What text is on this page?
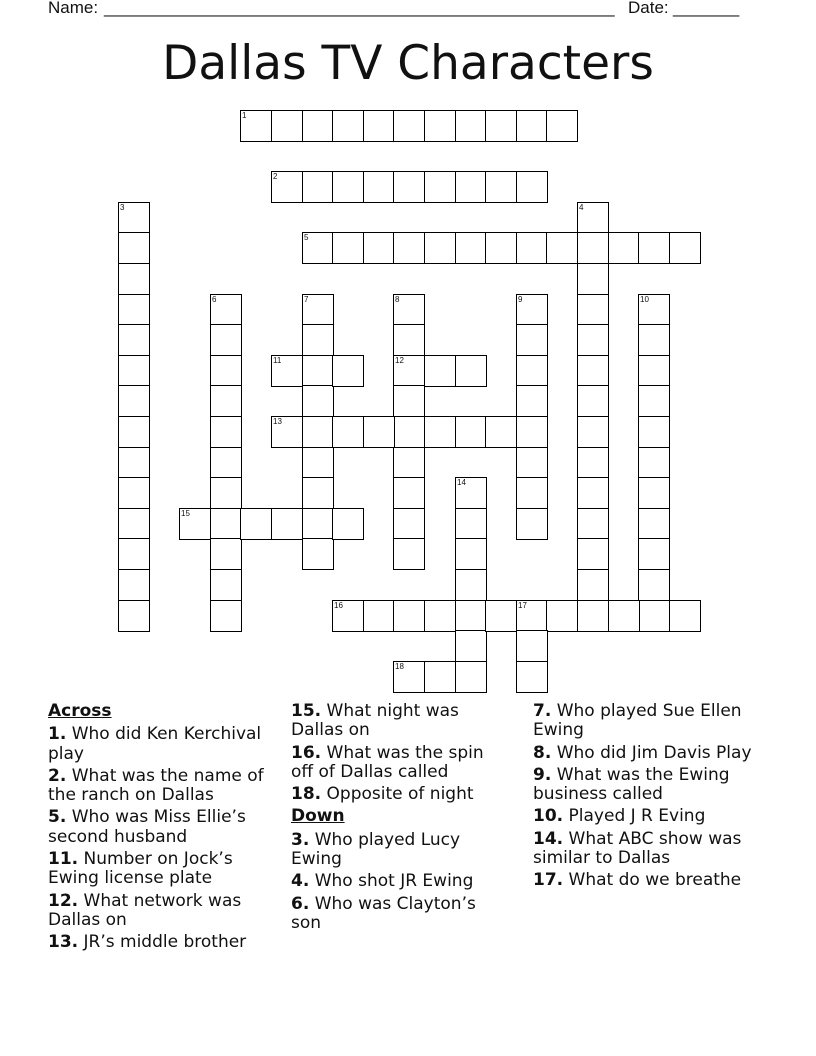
Name: ______________________________________________________ Date: _______
Dallas TV Characters
1
2
3	4
5
6	7	8
12
9	10
11
13
14
15
16	17
18
Across
1. Who did Ken Kerchival play
2. What was the name of the ranch on Dallas
5. Who was Miss Ellie’s second husband
11. Number on Jock’s Ewing license plate
12. What network was Dallas on
13. JR’s middle brother
15. What night was Dallas on
16. What was the spin off of Dallas called
18. Opposite of night
Down
3. Who played Lucy Ewing
4. Who shot JR Ewing
6. Who was Clayton’s son
7. Who played Sue Ellen Ewing
8. Who did Jim Davis Play
9. What was the Ewing business called
10. Played J R Eving
14. What ABC show was similar to Dallas
17. What do we breathe
